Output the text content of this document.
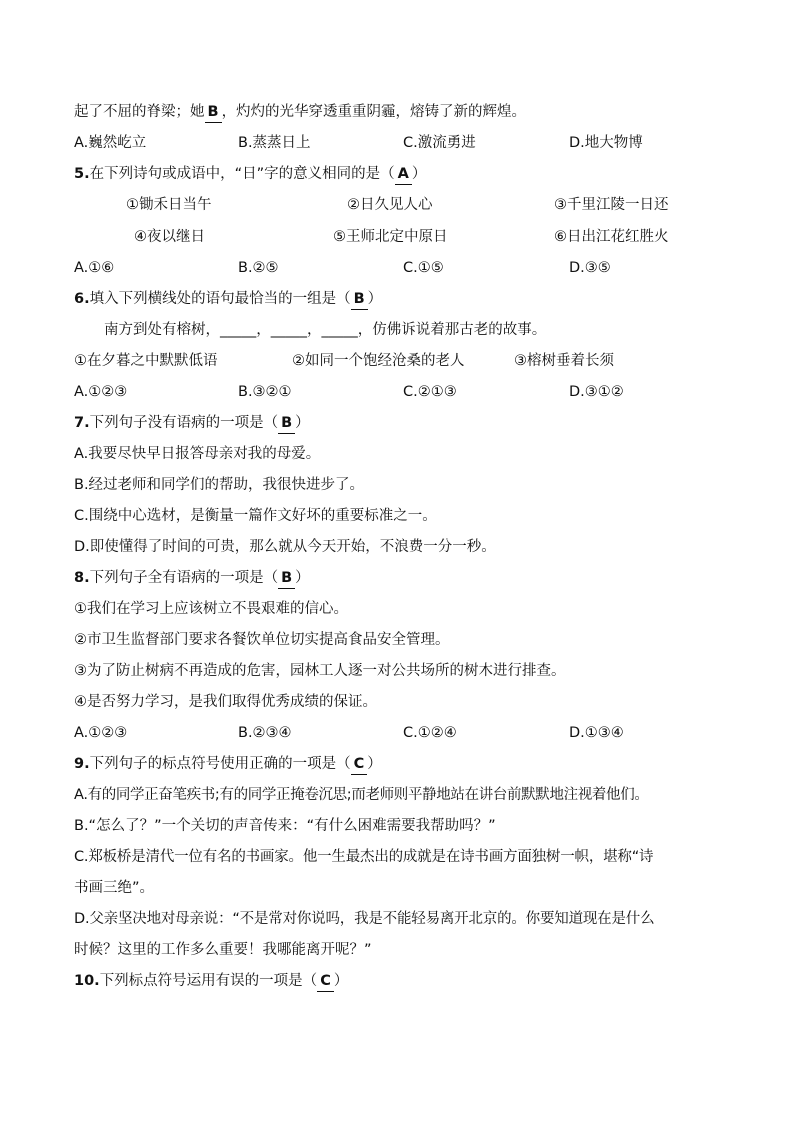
起了不屈的脊梁；她 B ，灼灼的光华穿透重重阴霾，熔铸了新的辉煌。
A.巍然屹立	B.蒸蒸日上	C.激流勇进	D.地大物博
5.在下列诗句或成语中，“日”字的意义相同的是（ A ）
①锄禾日当午	②日久见人心	③千里江陵一日还
④夜以继日	⑤王师北定中原日	⑥日出江花红胜火
A.①⑥	B.②⑤	C.①⑤	D.③⑤
6.填入下列横线处的语句最恰当的一组是（ B ）
南方到处有榕树，_____，_____，_____，仿佛诉说着那古老的故事。
①在夕暮之中默默低语	②如同一个饱经沧桑的老人	③榕树垂着长须
A.①②③	B.③②①	C.②①③	D.③①②
7.下列句子没有语病的一项是（ B ）
A.我要尽快早日报答母亲对我的母爱。
B.经过老师和同学们的帮助，我很快进步了。
C.围绕中心选材，是衡量一篇作文好坏的重要标准之一。
D.即使懂得了时间的可贵，那么就从今天开始，不浪费一分一秒。
8.下列句子全有语病的一项是（ B ）
①我们在学习上应该树立不畏艰难的信心。
②市卫生监督部门要求各餐饮单位切实提高食品安全管理。
③为了防止树病不再造成的危害，园林工人逐一对公共场所的树木进行排查。
④是否努力学习，是我们取得优秀成绩的保证。
A.①②③	B.②③④	C.①②④	D.①③④
9.下列句子的标点符号使用正确的一项是（ C ）
A.有的同学正奋笔疾书;有的同学正掩卷沉思;而老师则平静地站在讲台前默默地注视着他们。
B.“怎么了？”一个关切的声音传来：“有什么困难需要我帮助吗？”
C.郑板桥是清代一位有名的书画家。他一生最杰出的成就是在诗书画方面独树一帜，堪称“诗
书画三绝”。
D.父亲坚决地对母亲说：“不是常对你说吗，我是不能轻易离开北京的。你要知道现在是什么
时候？这里的工作多么重要！我哪能离开呢？”
10.下列标点符号运用有误的一项是（ C ）
